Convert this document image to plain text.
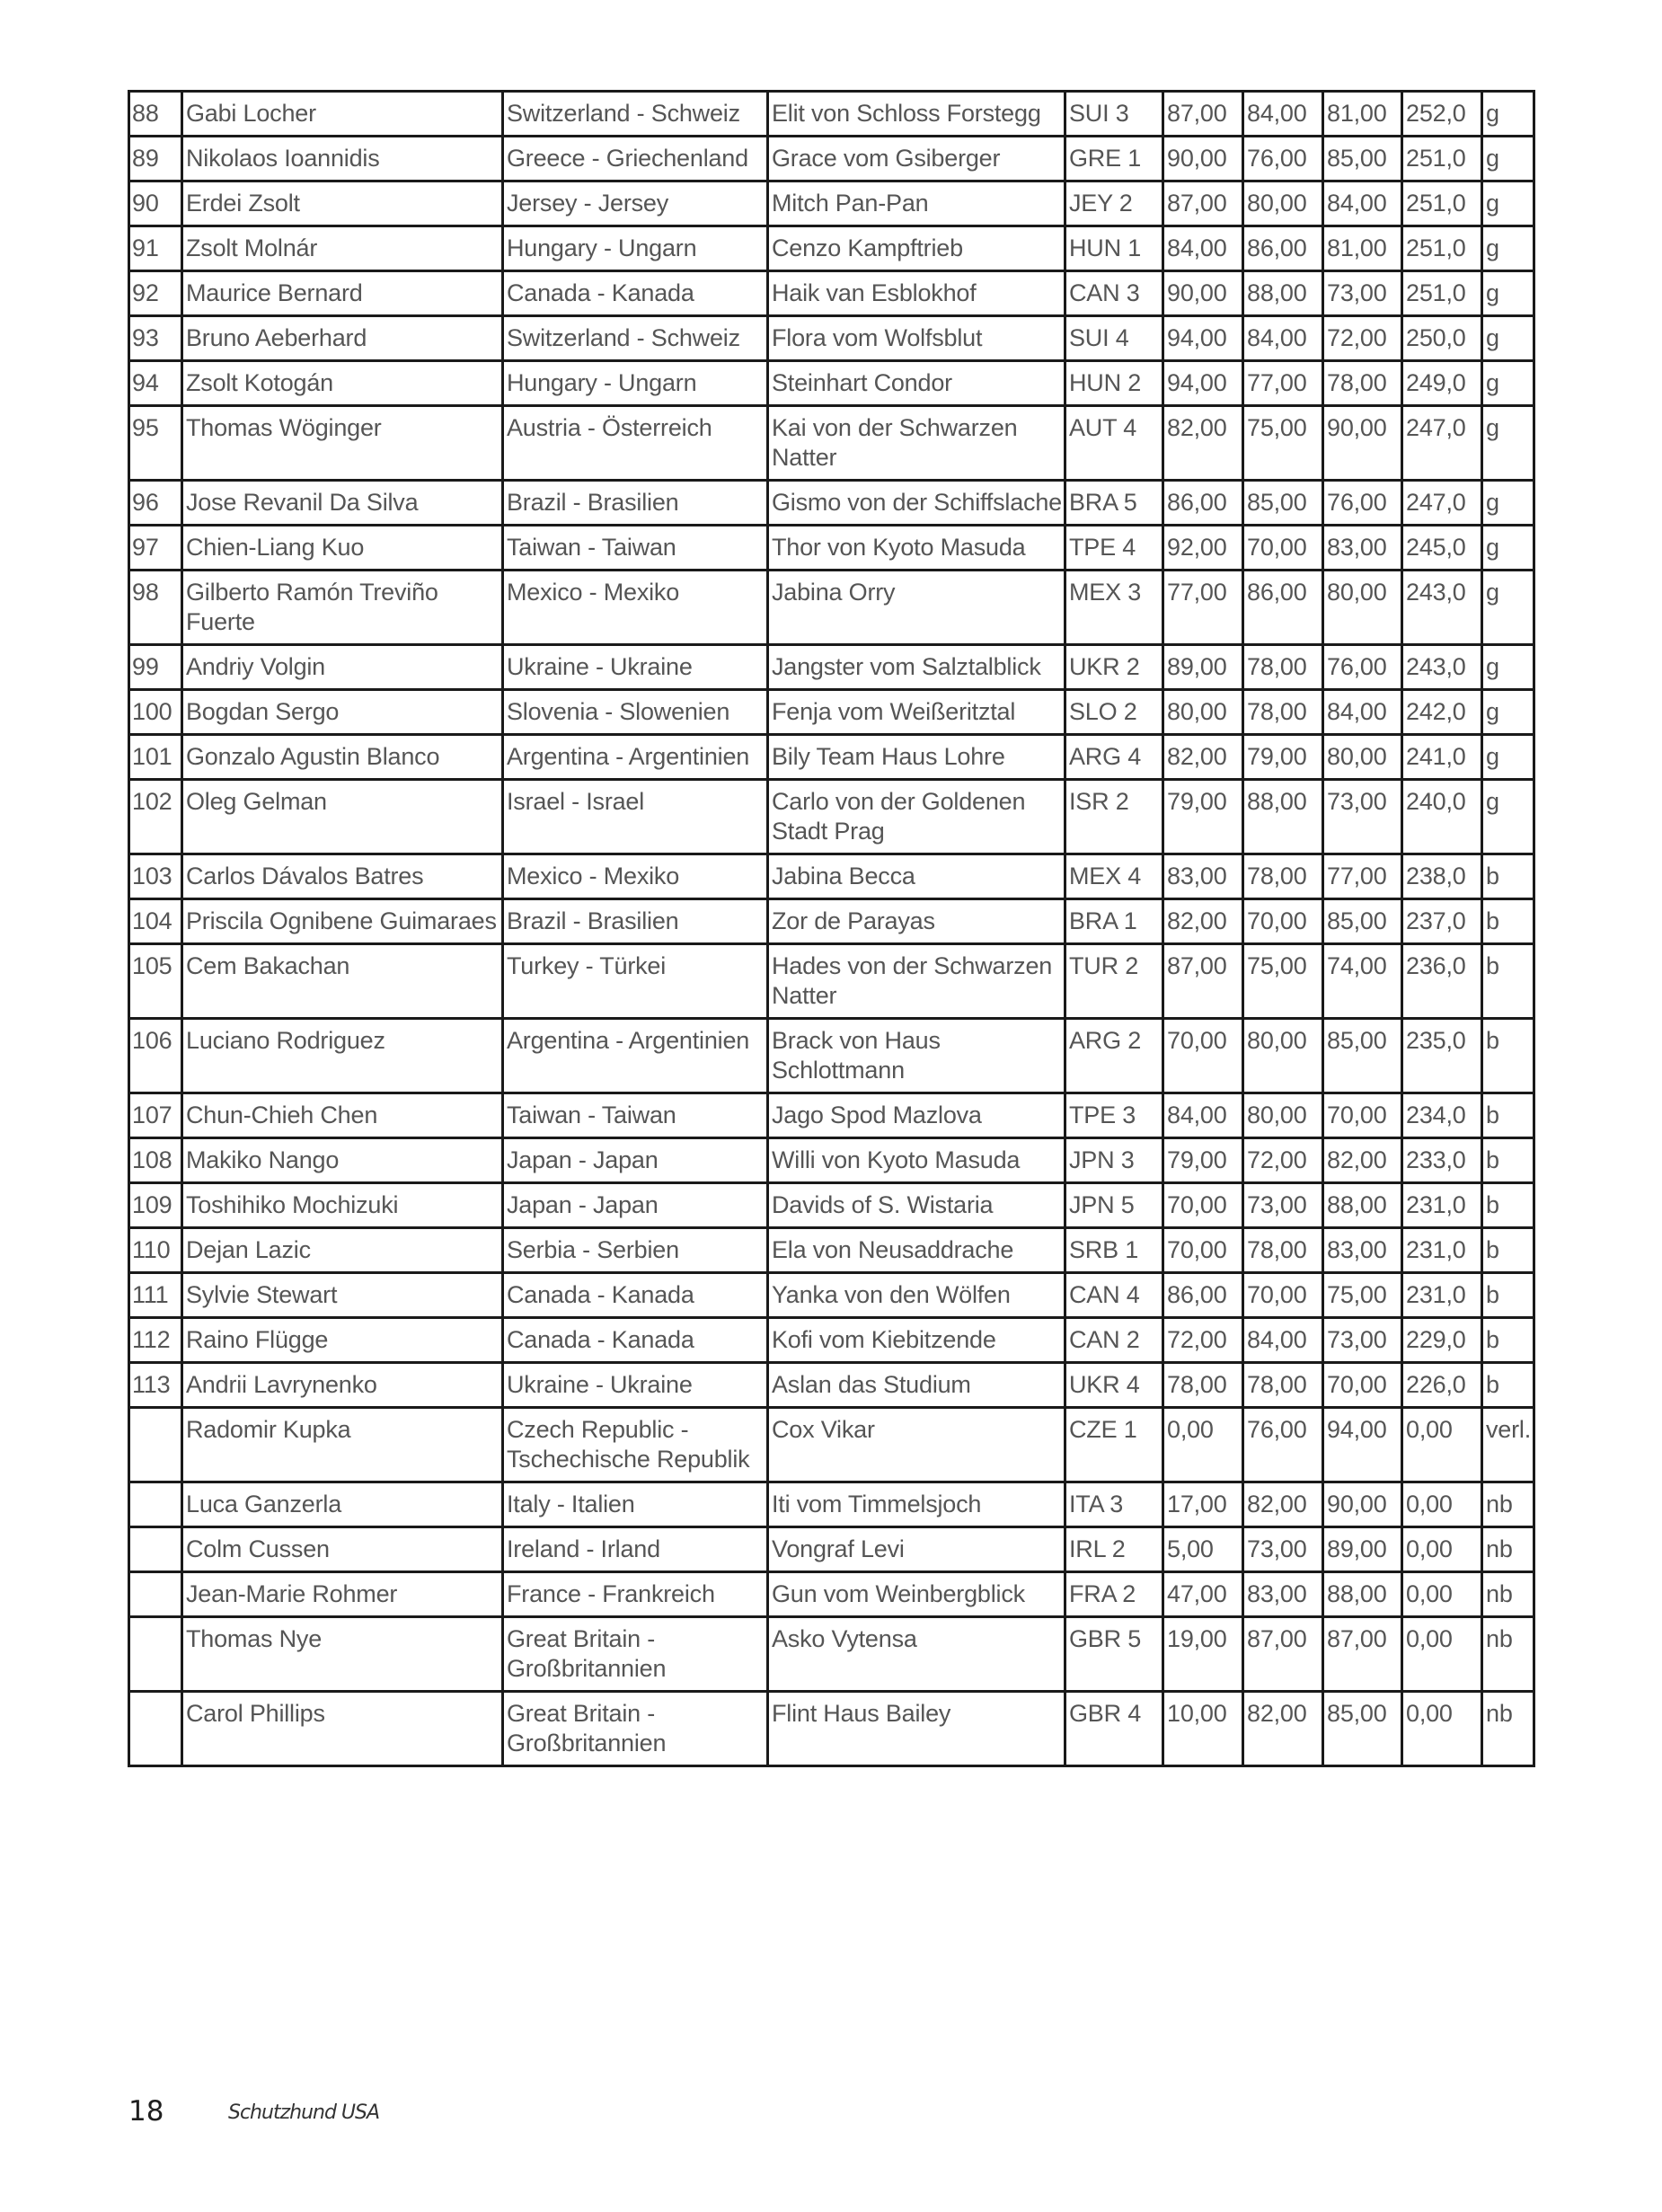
88	Gabi Locher	Switzerland - Schweiz	Elit von Schloss Forstegg	SUI 3	87,00	84,00	81,00	252,0	g
89	Nikolaos Ioannidis	Greece - Griechenland	Grace vom Gsiberger	GRE 1	90,00	76,00	85,00	251,0	g
90	Erdei Zsolt	Jersey - Jersey	Mitch Pan-Pan	JEY 2	87,00	80,00	84,00	251,0	g
91	Zsolt Molnár	Hungary - Ungarn	Cenzo Kampftrieb	HUN 1	84,00	86,00	81,00	251,0	g
92	Maurice Bernard	Canada - Kanada	Haik van Esblokhof	CAN 3	90,00	88,00	73,00	251,0	g
93	Bruno Aeberhard	Switzerland - Schweiz	Flora vom Wolfsblut	SUI 4	94,00	84,00	72,00	250,0	g
94	Zsolt Kotogán	Hungary - Ungarn	Steinhart Condor	HUN 2	94,00	77,00	78,00	249,0	g
95	Thomas Wöginger	Austria - Österreich	Kai von der Schwarzen Natter	AUT 4	82,00	75,00	90,00	247,0	g
96	Jose Revanil Da Silva	Brazil - Brasilien	Gismo von der Schiffslache	BRA 5	86,00	85,00	76,00	247,0	g
97	Chien-Liang Kuo	Taiwan - Taiwan	Thor von Kyoto Masuda	TPE 4	92,00	70,00	83,00	245,0	g
98	Gilberto Ramón Treviño Fuerte	Mexico - Mexiko	Jabina Orry	MEX 3	77,00	86,00	80,00	243,0	g
99	Andriy Volgin	Ukraine - Ukraine	Jangster vom Salztalblick	UKR 2	89,00	78,00	76,00	243,0	g
100	Bogdan Sergo	Slovenia - Slowenien	Fenja vom Weißeritztal	SLO 2	80,00	78,00	84,00	242,0	g
101	Gonzalo Agustin Blanco	Argentina - Argentinien	Bily Team Haus Lohre	ARG 4	82,00	79,00	80,00	241,0	g
102	Oleg Gelman	Israel - Israel	Carlo von der Goldenen Stadt Prag	ISR 2	79,00	88,00	73,00	240,0	g
103	Carlos Dávalos Batres	Mexico - Mexiko	Jabina Becca	MEX 4	83,00	78,00	77,00	238,0	b
104	Priscila Ognibene Guimaraes	Brazil - Brasilien	Zor de Parayas	BRA 1	82,00	70,00	85,00	237,0	b
105	Cem Bakachan	Turkey - Türkei	Hades von der Schwarzen Natter	TUR 2	87,00	75,00	74,00	236,0	b
106	Luciano Rodriguez	Argentina - Argentinien	Brack von Haus Schlottmann	ARG 2	70,00	80,00	85,00	235,0	b
107	Chun-Chieh Chen	Taiwan - Taiwan	Jago Spod Mazlova	TPE 3	84,00	80,00	70,00	234,0	b
108	Makiko Nango	Japan - Japan	Willi von Kyoto Masuda	JPN 3	79,00	72,00	82,00	233,0	b
109	Toshihiko Mochizuki	Japan - Japan	Davids of S. Wistaria	JPN 5	70,00	73,00	88,00	231,0	b
110	Dejan Lazic	Serbia - Serbien	Ela von Neusaddrache	SRB 1	70,00	78,00	83,00	231,0	b
111	Sylvie Stewart	Canada - Kanada	Yanka von den Wölfen	CAN 4	86,00	70,00	75,00	231,0	b
112	Raino Flügge	Canada - Kanada	Kofi vom Kiebitzende	CAN 2	72,00	84,00	73,00	229,0	b
113	Andrii Lavrynenko	Ukraine - Ukraine	Aslan das Studium	UKR 4	78,00	78,00	70,00	226,0	b
	Radomir Kupka	Czech Republic - Tschechische Republik	Cox Vikar	CZE 1	0,00	76,00	94,00	0,00	verl.
	Luca Ganzerla	Italy - Italien	Iti vom Timmelsjoch	ITA 3	17,00	82,00	90,00	0,00	nb
	Colm Cussen	Ireland - Irland	Vongraf Levi	IRL 2	5,00	73,00	89,00	0,00	nb
	Jean-Marie Rohmer	France - Frankreich	Gun vom Weinbergblick	FRA 2	47,00	83,00	88,00	0,00	nb
	Thomas Nye	Great Britain - Großbritannien	Asko Vytensa	GBR 5	19,00	87,00	87,00	0,00	nb
	Carol Phillips	Great Britain - Großbritannien	Flint Haus Bailey	GBR 4	10,00	82,00	85,00	0,00	nb
18	Schutzhund USA
